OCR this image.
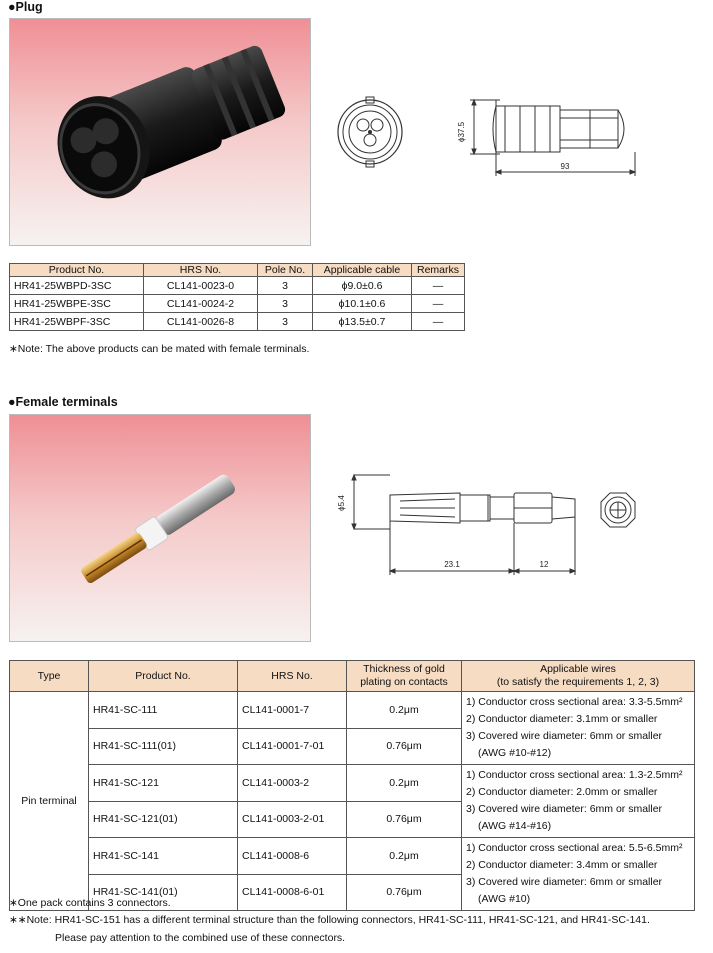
●Plug
ϕ37.5
93
Product No.	HRS No.	Pole No.	Applicable cable	Remarks
HR41-25WBPD-3SC	CL141-0023-0	3	ϕ9.0±0.6	—
HR41-25WBPE-3SC	CL141-0024-2	3	ϕ10.1±0.6	—
HR41-25WBPF-3SC	CL141-0026-8	3	ϕ13.5±0.7	—
∗Note: The above products can be mated with female terminals.
●Female terminals
ϕ5.4
23.1	12
Type	Product No.	HRS No.	Thickness of gold
plating on contacts	Applicable wires
(to satisfy the requirements 1, 2, 3)
Pin terminal	HR41-SC-111	CL141-0001-7	0.2μm	1) Conductor cross sectional area: 3.3-5.5mm²
2) Conductor diameter: 3.1mm or smaller
3) Covered wire diameter: 6mm or smaller
(AWG #10-#12)

	HR41-SC-111(01)	CL141-0001-7-01	0.76μm	
	HR41-SC-121	CL141-0003-2	0.2μm	1) Conductor cross sectional area: 1.3-2.5mm²
2) Conductor diameter: 2.0mm or smaller
3) Covered wire diameter: 6mm or smaller
(AWG #14-#16)

	HR41-SC-121(01)	CL141-0003-2-01	0.76μm	
	HR41-SC-141	CL141-0008-6	0.2μm	1) Conductor cross sectional area: 5.5-6.5mm²
2) Conductor diameter: 3.4mm or smaller
3) Covered wire diameter: 6mm or smaller
(AWG #10)

	HR41-SC-141(01)	CL141-0008-6-01	0.76μm	
∗One pack contains 3 connectors.
∗∗Note: HR41-SC-151 has a different terminal structure than the following connectors, HR41-SC-111, HR41-SC-121, and HR41-SC-141.
Please pay attention to the combined use of these connectors.
